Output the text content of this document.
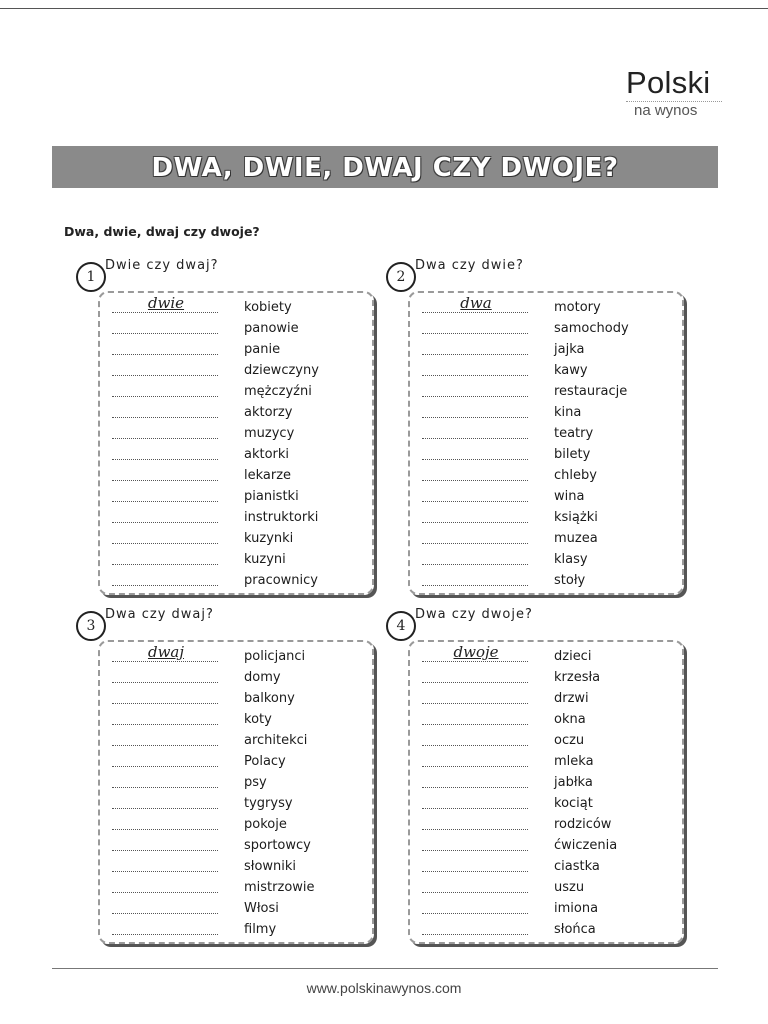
Polski
na wynos
DWA, DWIE, DWAJ CZY DWOJE?
Dwa, dwie, dwaj czy dwoje?
1
Dwie czy dwaj?
dwie	kobiety
panowie
panie
dziewczyny
mężczyźni
aktorzy
muzycy
aktorki
lekarze
pianistki
instruktorki
kuzynki
kuzyni
pracownicy
2
Dwa czy dwie?
dwa	motory
samochody
jajka
kawy
restauracje
kina
teatry
bilety
chleby
wina
książki
muzea
klasy
stoły
3
Dwa czy dwaj?
dwaj	policjanci
domy
balkony
koty
architekci
Polacy
psy
tygrysy
pokoje
sportowcy
słowniki
mistrzowie
Włosi
filmy
4
Dwa czy dwoje?
dwoje	dzieci
krzesła
drzwi
okna
oczu
mleka
jabłka
kociąt
rodziców
ćwiczenia
ciastka
uszu
imiona
słońca
www.polskinawynos.com
